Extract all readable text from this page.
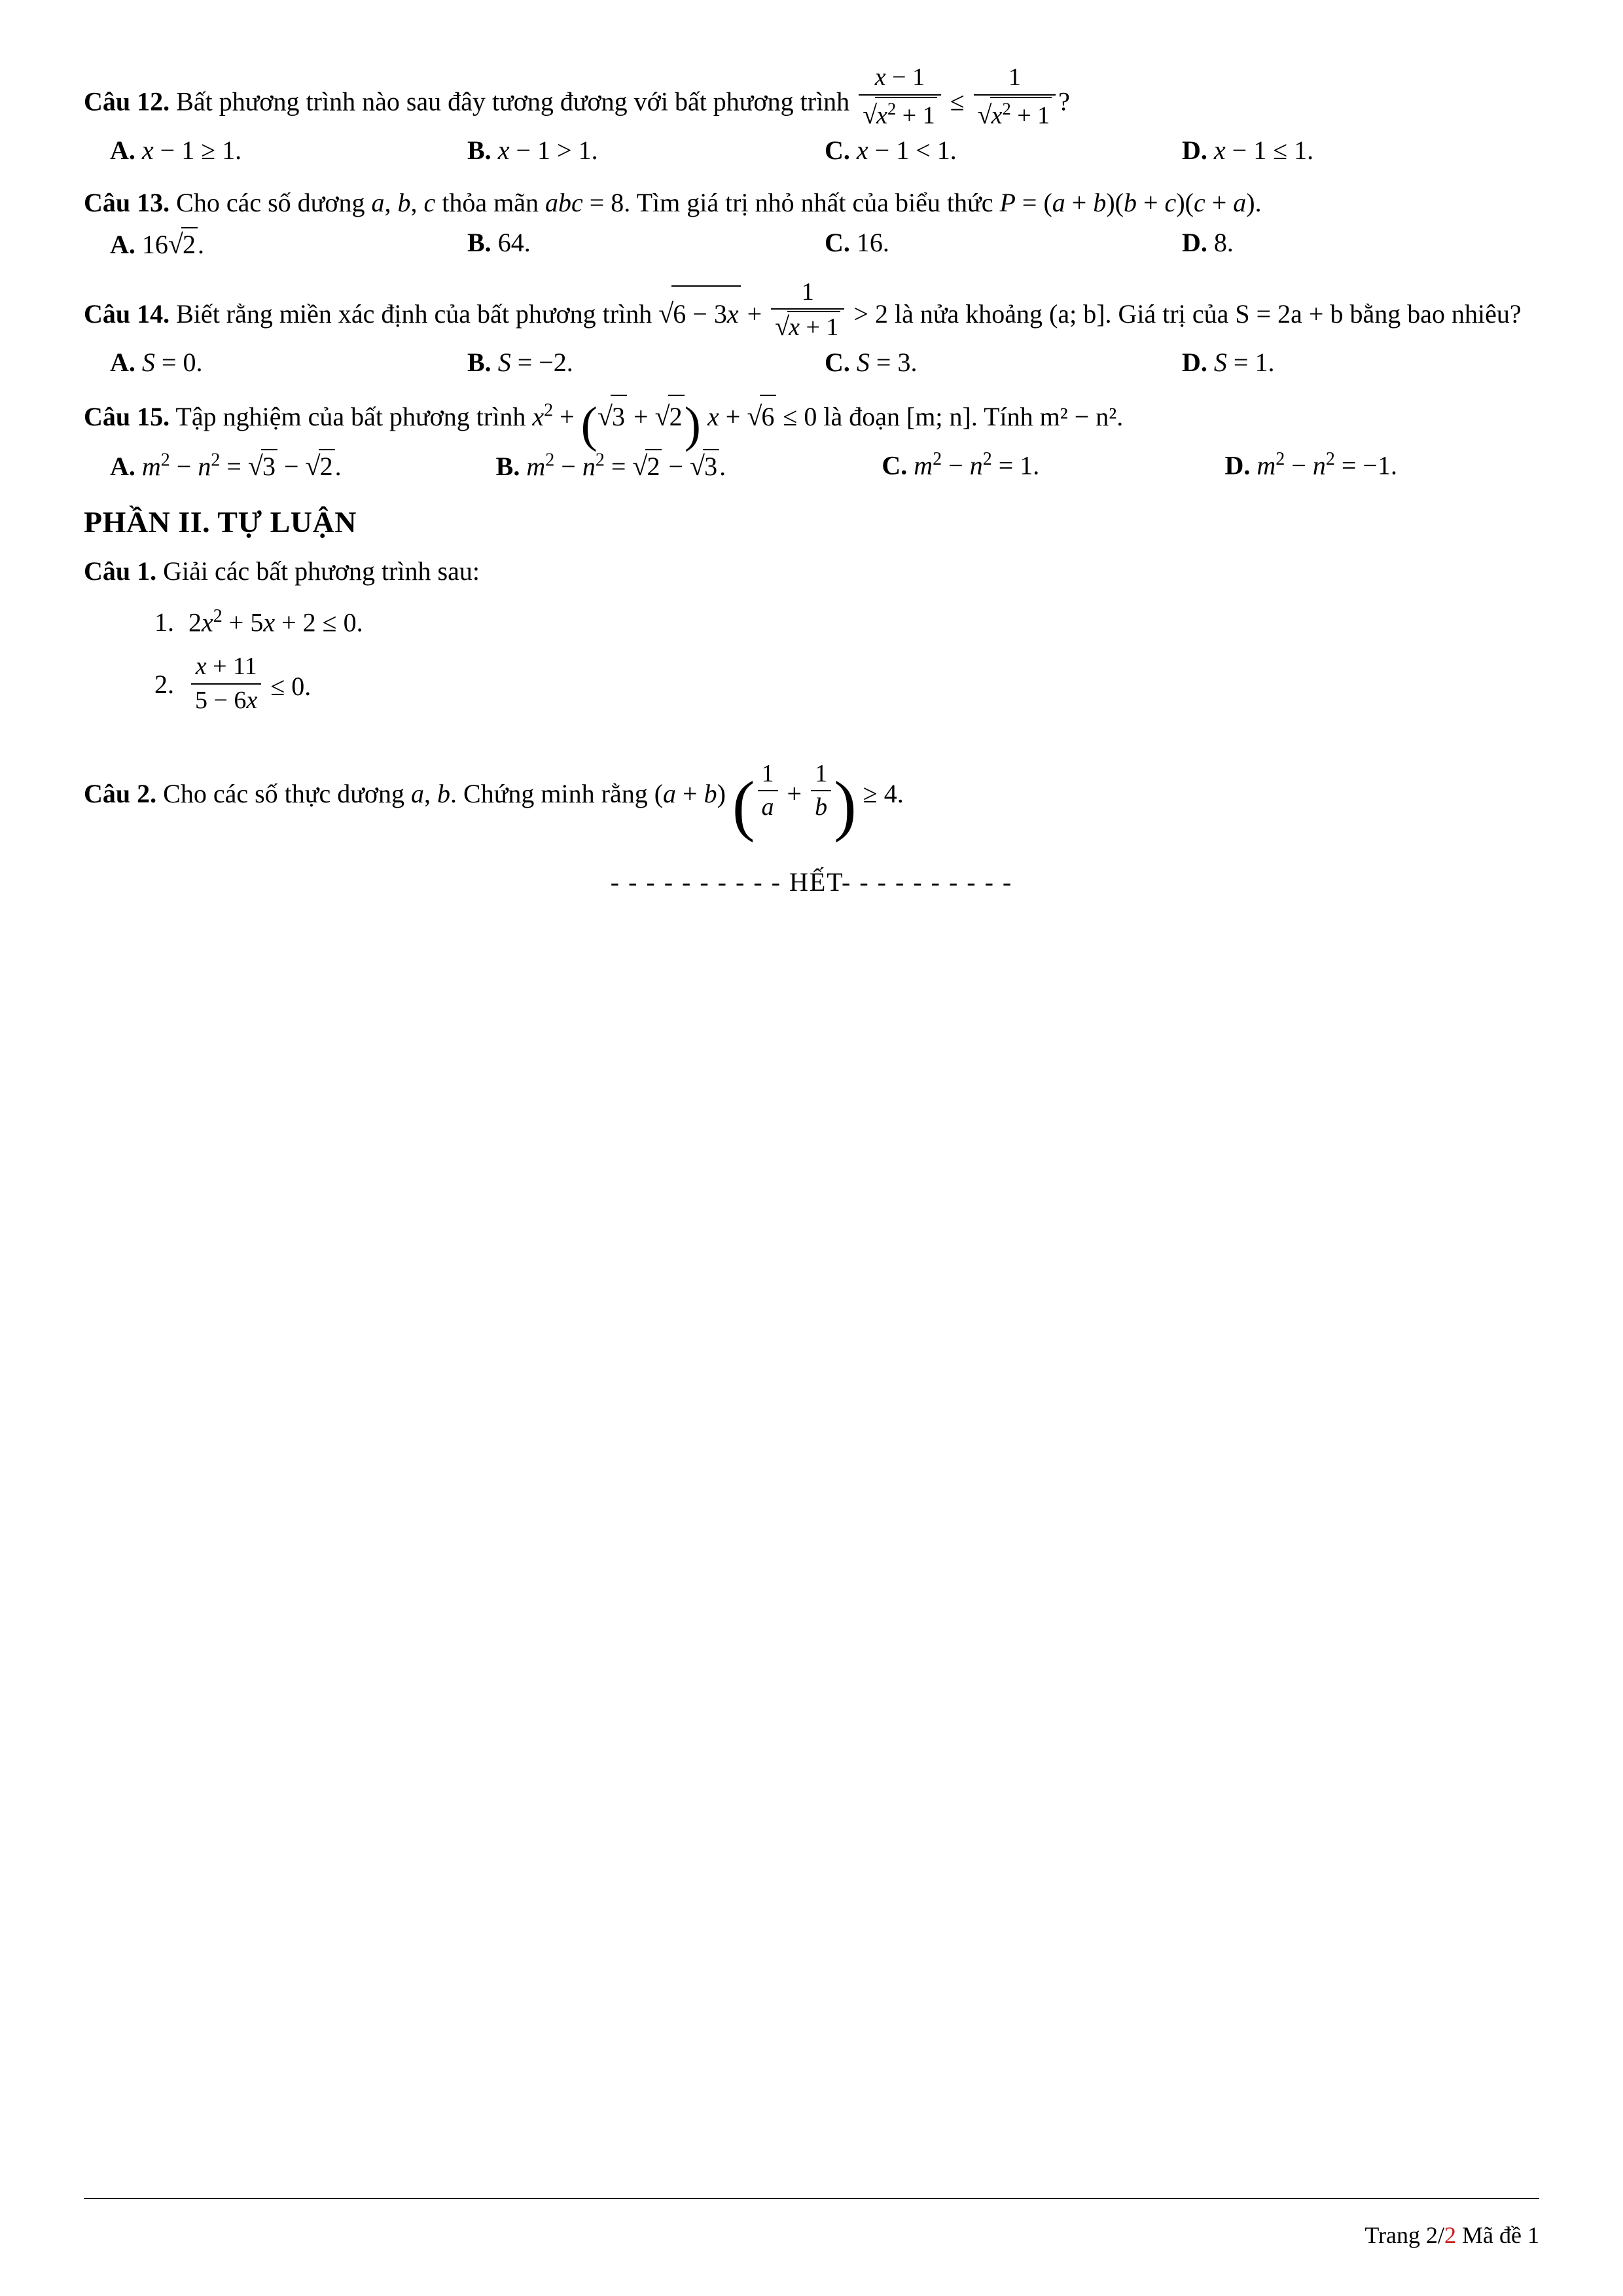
Câu 12. Bất phương trình nào sau đây tương đương với bất phương trình $\frac{x - 1}{√x^2 + 1} \le \frac{1}{√x^2 + 1}$ ?

A. x − 1 ≥ 1.	B. x − 1 > 1.	C. x − 1 < 1.	D. x − 1 ≤ 1.

Câu 13. Cho các số dương a, b, c thỏa mãn abc = 8. Tìm giá trị nhỏ nhất của biểu thức P = (a + b)(b + c)(c + a).

A. 16√2.	B. 64.	C. 16.	D. 8.

Câu 14. Biết rằng miền xác định của bất phương trình $√6 - 3x + \frac{1}{√x + 1} > 2$ là nửa khoảng (a; b]. Giá trị của S = 2a + b bằng bao nhiêu?

A. S = 0.	B. S = −2.	C. S = 3.	D. S = 1.

Câu 15. Tập nghiệm của bất phương trình $x^2 + (√3 + √2) x + √6 \le 0$ là đoạn [m; n]. Tính m² − n².

A. $m^2 - n^2 = √3 - √2$.	B. $m^2 - n^2 = √2 - √3$.	C. $m^2 - n^2 = 1$.	D. $m^2 - n^2 = -1$.
PHẦN II. TỰ LUẬN

Câu 1. Giải các bất phương trình sau:

1. $2x^2 + 5x + 2 \le 0$.
2. $\frac{x + 11}{5 - 6x} \le 0$.

Câu 2. Cho các số thực dương a, b. Chứng minh rằng (a + b) ( $\frac{1}{a} + \frac{1}{b}$ ) ≥ 4.

- - - - - - - - - - HẾT- - - - - - - - - -
Trang 2/2 Mã đề 1
